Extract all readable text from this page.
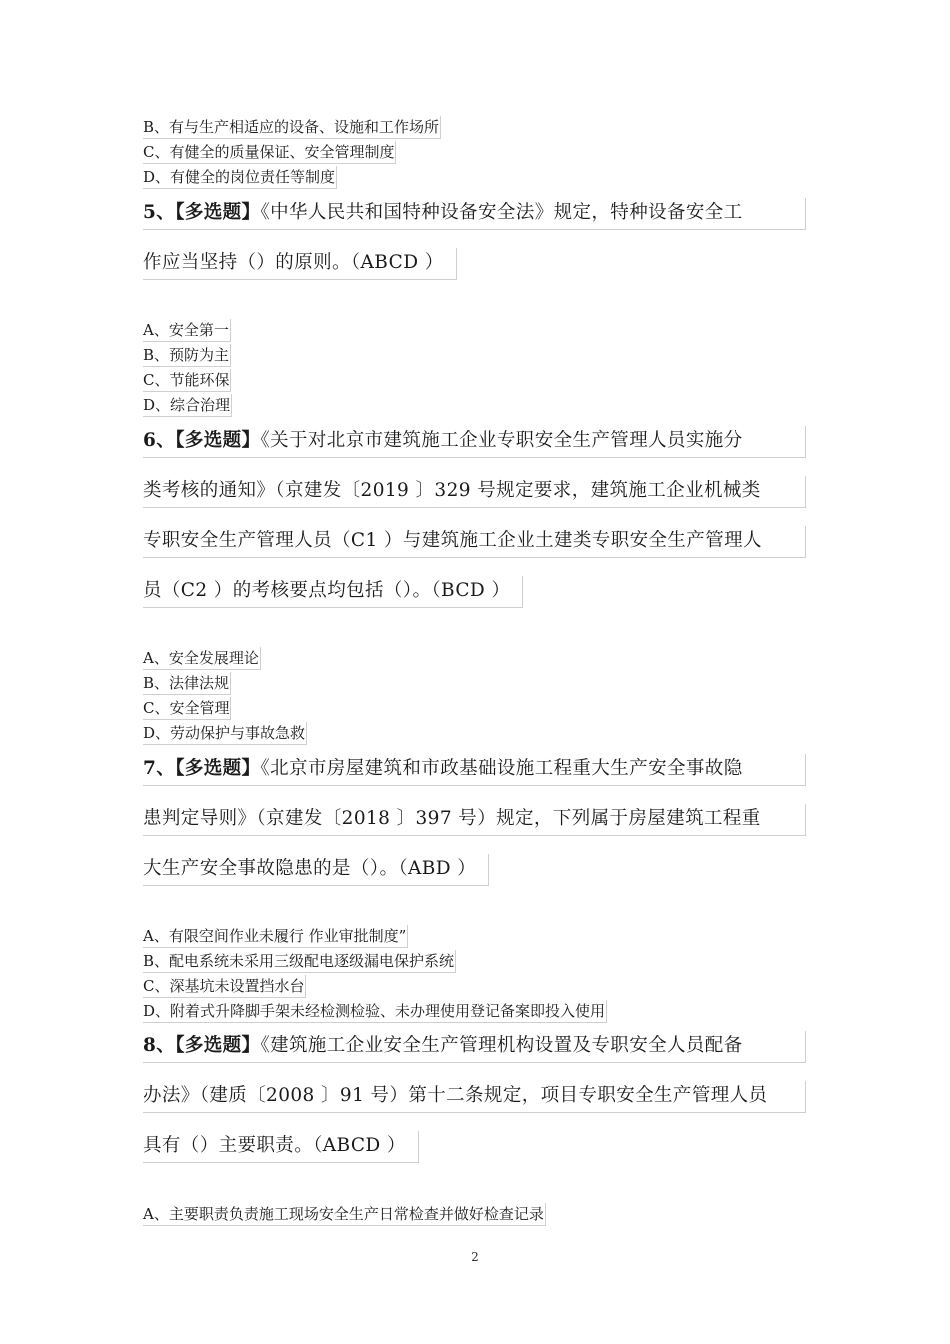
B、有与生产相适应的设备、设施和工作场所
C、有健全的质量保证、安全管理制度
D、有健全的岗位责任等制度
5、【多选题】《中华人民共和国特种设备安全法》规定，特种设备安全工
作应当坚持（）的原则。（ABCD ）
A、安全第一
B、预防为主
C、节能环保
D、综合治理
6、【多选题】《关于对北京市建筑施工企业专职安全生产管理人员实施分
类考核的通知》（京建发〔2019 〕329 号规定要求，建筑施工企业机械类
专职安全生产管理人员（C1 ）与建筑施工企业土建类专职安全生产管理人
员（C2 ）的考核要点均包括（）。（BCD ）
A、安全发展理论
B、法律法规
C、安全管理
D、劳动保护与事故急救
7、【多选题】《北京市房屋建筑和市政基础设施工程重大生产安全事故隐
患判定导则》（京建发〔2018 〕397 号）规定，下列属于房屋建筑工程重
大生产安全事故隐患的是（）。（ABD ）
A、有限空间作业未履行 作业审批制度”
B、配电系统未采用三级配电逐级漏电保护系统
C、深基坑未设置挡水台
D、附着式升降脚手架未经检测检验、未办理使用登记备案即投入使用
8、【多选题】《建筑施工企业安全生产管理机构设置及专职安全人员配备
办法》（建质〔2008 〕91 号）第十二条规定，项目专职安全生产管理人员
具有（）主要职责。（ABCD ）
A、主要职责负责施工现场安全生产日常检查并做好检查记录
2
